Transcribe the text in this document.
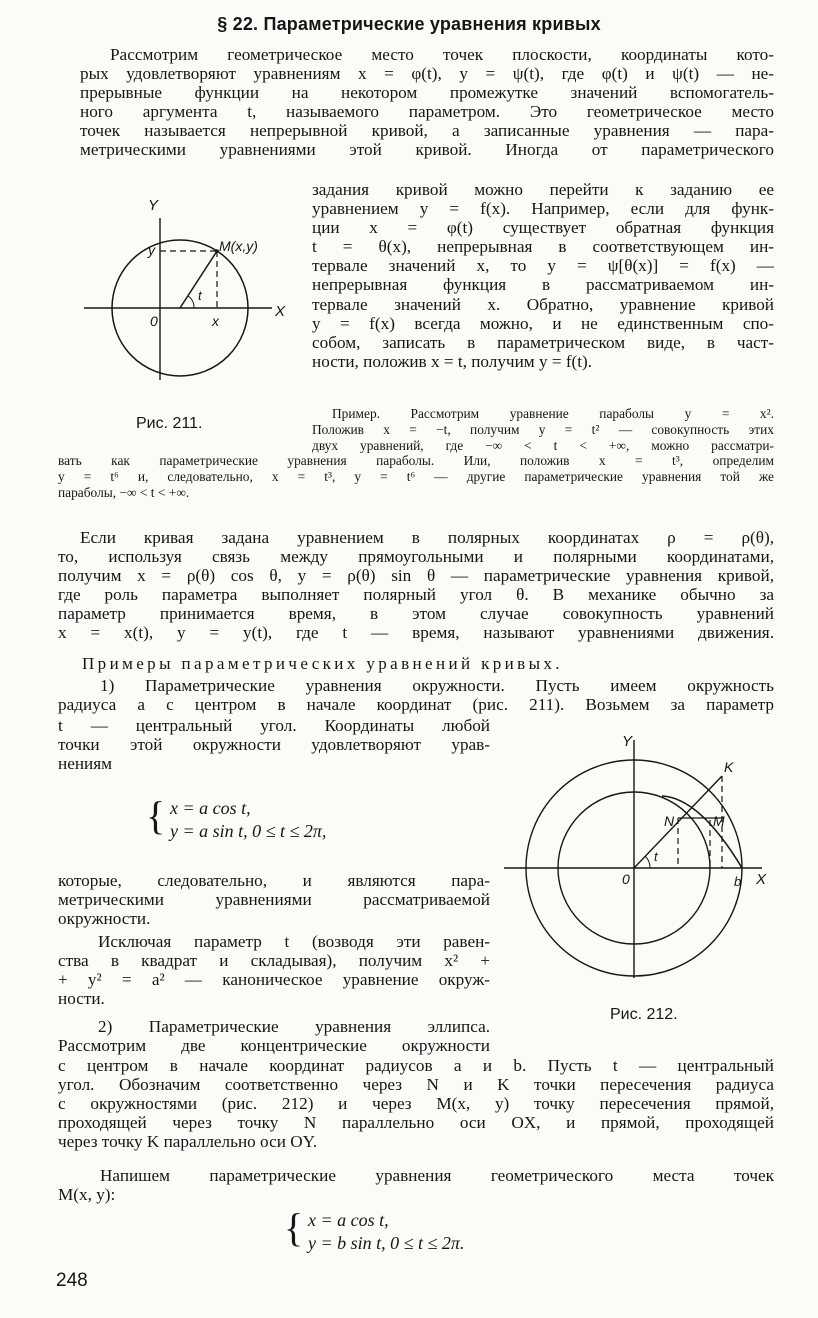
§ 22. Параметрические уравнения кривых
Рассмотрим геометрическое место точек плоскости, координаты кото-
рых удовлетворяют уравнениям x = φ(t), y = ψ(t), где φ(t) и ψ(t) — не-
прерывные функции на некотором промежутке значений вспомогатель-
ного аргумента t, называемого параметром. Это геометрическое место
точек называется непрерывной кривой, а записанные уравнения — пара-
метрическими уравнениями этой кривой. Иногда от параметрического
задания кривой можно перейти к заданию ее
уравнением y = f(x). Например, если для функ-
ции x = φ(t) существует обратная функция
t = θ(x), непрерывная в соответствующем ин-
тервале значений x, то y = ψ[θ(x)] = f(x) —
непрерывная функция в рассматриваемом ин-
тервале значений x. Обратно, уравнение кривой
y = f(x) всегда можно, и не единственным спо-
собом, записать в параметрическом виде, в част-
ности, положив x = t, получим y = f(t).
Y
X
0
y
x
t
M(x,y)
Рис. 211.
Пример. Рассмотрим уравнение параболы y = x².
Положив x = −t, получим y = t² — совокупность этих
двух уравнений, где −∞ < t < +∞, можно рассматри-
вать как параметрические уравнения параболы. Или, положив x = t³, определим
y = t⁶ и, следовательно, x = t³, y = t⁶ — другие параметрические уравнения той же
параболы, −∞ < t < +∞.
Если кривая задана уравнением в полярных координатах ρ = ρ(θ),
то, используя связь между прямоугольными и полярными координатами,
получим x = ρ(θ) cos θ, y = ρ(θ) sin θ — параметрические уравнения кривой,
где роль параметра выполняет полярный угол θ. В механике обычно за
параметр принимается время, в этом случае совокупность уравнений
x = x(t), y = y(t), где t — время, называют уравнениями движения.
Примеры параметрических уравнений кривых.
1) Параметрические уравнения окружности. Пусть имеем окружность
радиуса a с центром в начале координат (рис. 211). Возьмем за параметр
t — центральный угол. Координаты любой
точки этой окружности удовлетворяют урав-
нениям
{ x = a cos t,
y = a sin t, 0 ≤ t ≤ 2π,
которые, следовательно, и являются пара-
метрическими уравнениями рассматриваемой
окружности.
Исключая параметр t (возводя эти равен-
ства в квадрат и складывая), получим x² +
+ y² = a² — каноническое уравнение окруж-
ности.
Y
X
0
t
N
K
M
b
Рис. 212.
2) Параметрические уравнения эллипса.
Рассмотрим две концентрические окружности
с центром в начале координат радиусов a и b. Пусть t — центральный
угол. Обозначим соответственно через N и K точки пересечения радиуса
с окружностями (рис. 212) и через M(x, y) точку пересечения прямой,
проходящей через точку N параллельно оси OX, и прямой, проходящей
через точку K параллельно оси OY.
Напишем параметрические уравнения геометрического места точек
M(x, y):
{ x = a cos t,
y = b sin t, 0 ≤ t ≤ 2π.
248
